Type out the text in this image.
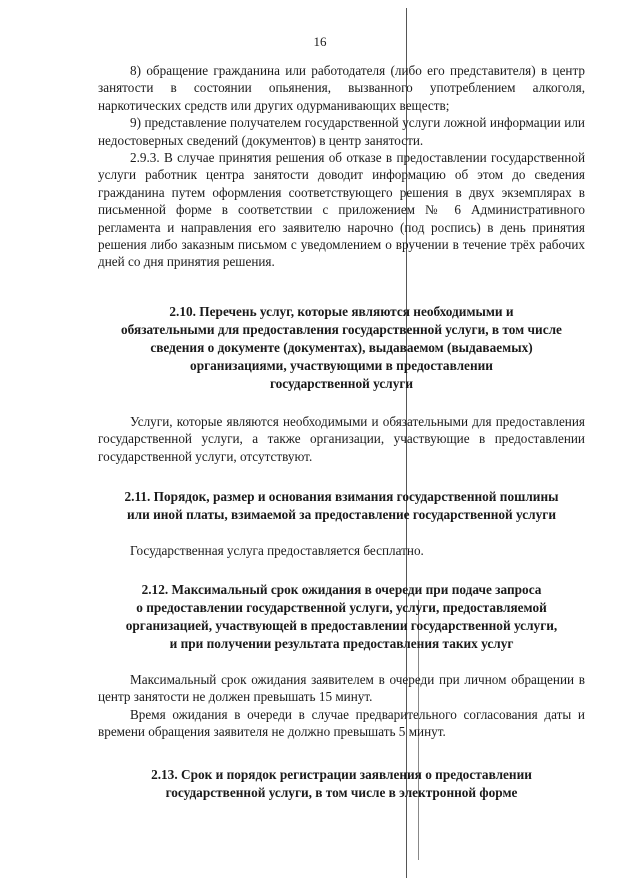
16

8) обращение гражданина или работодателя (либо его представителя) в центр занятости в состоянии опьянения, вызванного употреблением алкоголя, наркотических средств или других одурманивающих веществ;

9) представление получателем государственной услуги ложной информации или недостоверных сведений (документов) в центр занятости.

2.9.3. В случае принятия решения об отказе в предоставлении государственной услуги работник центра занятости доводит информацию об этом до сведения гражданина путем оформления соответствующего решения в двух экземплярах в письменной форме в соответствии с приложением № 6 Административного регламента и направления его заявителю нарочно (под роспись) в день принятия решения либо заказным письмом с уведомлением о вручении в течение трёх рабочих дней со дня принятия решения.

2.10. Перечень услуг, которые являются необходимыми и
обязательными для предоставления государственной услуги, в том числе
сведения о документе (документах), выдаваемом (выдаваемых)
организациями, участвующими в предоставлении
государственной услуги

Услуги, которые являются необходимыми и обязательными для предоставления государственной услуги, а также организации, участвующие в предоставлении государственной услуги, отсутствуют.

2.11. Порядок, размер и основания взимания государственной пошлины
или иной платы, взимаемой за предоставление государственной услуги

Государственная услуга предоставляется бесплатно.

2.12. Максимальный срок ожидания в очереди при подаче запроса
о предоставлении государственной услуги, услуги, предоставляемой
организацией, участвующей в предоставлении государственной услуги,
и при получении результата предоставления таких услуг

Максимальный срок ожидания заявителем в очереди при личном обращении в центр занятости не должен превышать 15 минут.

Время ожидания в очереди в случае предварительного согласования даты и времени обращения заявителя не должно превышать 5 минут.

2.13. Срок и порядок регистрации заявления о предоставлении
государственной услуги, в том числе в электронной форме
